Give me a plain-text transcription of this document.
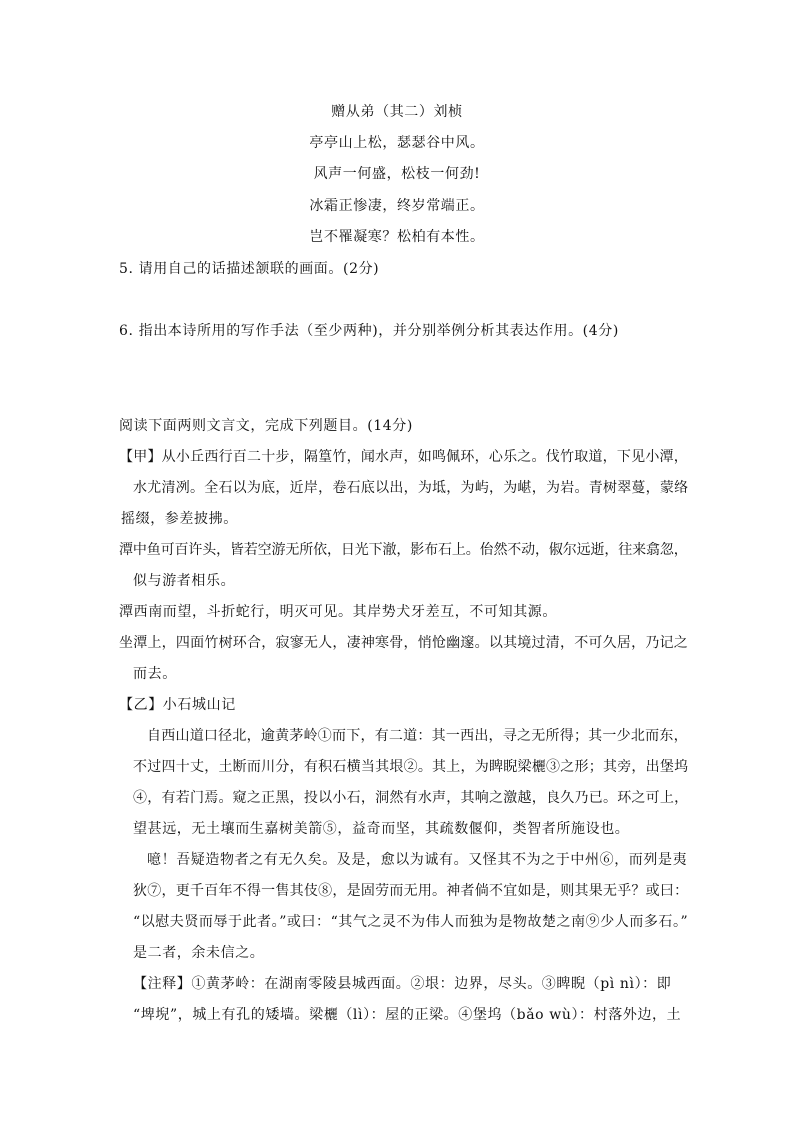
赠从弟（其二）刘桢
亭亭山上松，瑟瑟谷中风。
风声一何盛，松枝一何劲!
冰霜正惨凄，终岁常端正。
岂不罹凝寒？松柏有本性。
5. 请用自己的话描述颔联的画面。(2分)
6. 指出本诗所用的写作手法（至少两种)，并分别举例分析其表达作用。(4分)
阅读下面两则文言文，完成下列题目。(14分)
【甲】从小丘西行百二十步，隔篁竹，闻水声，如鸣佩环，心乐之。伐竹取道，下见小潭，
水尤清冽。全石以为底，近岸，卷石底以出，为坻，为屿，为嵁，为岩。青树翠蔓，蒙络
摇缀，参差披拂。
潭中鱼可百许头，皆若空游无所依，日光下澈，影布石上。佁然不动，俶尔远逝，往来翕忽，
似与游者相乐。
潭西南而望，斗折蛇行，明灭可见。其岸势犬牙差互，不可知其源。
坐潭上，四面竹树环合，寂寥无人，凄神寒骨，悄怆幽邃。以其境过清，不可久居，乃记之
而去。
【乙】小石城山记
自西山道口径北，逾黄茅岭①而下，有二道：其一西出，寻之无所得；其一少北而东，
不过四十丈，土断而川分，有积石横当其垠②。其上，为睥睨梁欐③之形；其旁，出堡坞
④，有若门焉。窥之正黑，投以小石，洞然有水声，其响之激越，良久乃已。环之可上，
望甚远，无土壤而生嘉树美箭⑤，益奇而坚，其疏数偃仰，类智者所施设也。
噫！吾疑造物者之有无久矣。及是，愈以为诚有。又怪其不为之于中州⑥，而列是夷
狄⑦，更千百年不得一售其伎⑧，是固劳而无用。神者倘不宜如是，则其果无乎？或曰：
“以慰夫贤而辱于此者。”或曰：“其气之灵不为伟人而独为是物故楚之南⑨少人而多石。”
是二者，余未信之。
【注释】①黄茅岭：在湖南零陵县城西面。②垠：边界，尽头。③睥睨（pì nì）：即
“埤堄”，城上有孔的矮墙。梁欐（lì）：屋的正梁。④堡坞（bǎo wù）：村落外边，土
